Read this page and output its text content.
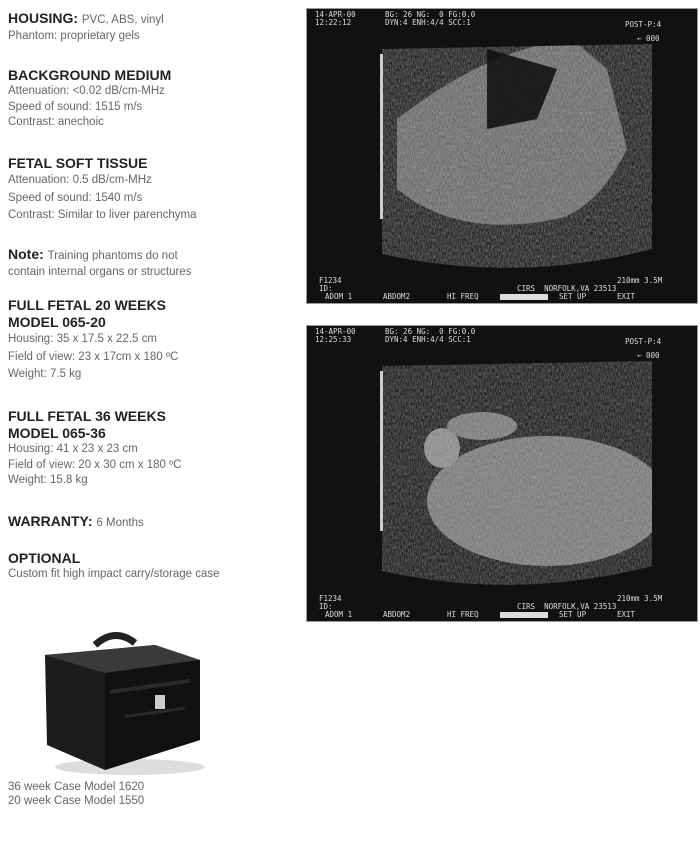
HOUSING: PVC, ABS, vinyl
Phantom: proprietary gels
BACKGROUND MEDIUM
Attenuation: <0.02 dB/cm-MHz
Speed of sound: 1515 m/s
Contrast: anechoic
FETAL SOFT TISSUE
Attenuation: 0.5 dB/cm-MHz
Speed of sound: 1540 m/s
Contrast: Similar to liver parenchyma
Note: Training phantoms do not
contain internal organs or structures
FULL FETAL 20 WEEKS
MODEL 065-20
Housing: 35 x 17.5 x 22.5 cm
Field of view: 23 x 17cm x 180 ºC
Weight: 7.5 kg
FULL FETAL 36 WEEKS
MODEL 065-36
Housing: 41 x 23 x 23 cm
Field of view: 20 x 30 cm x 180 ºC
Weight: 15.8 kg
WARRANTY: 6 Months
OPTIONAL
Custom fit high impact carry/storage case
36 week Case Model 1620
20 week Case Model 1550
14-APR-00
12:22:12
BG: 26 NG:  0 FG:0.0
DYN:4 ENH:4/4 SCC:1	POST-P:4
← 000
F1234
ID:
210mm 3.5M
CIRS  NORFOLK,VA 23513
ADOM 1	ABDOM2	HI FREQ	SET UP	EXIT
14-APR-00
12:25:33
BG: 26 NG:  0 FG:0.0
DYN:4 ENH:4/4 SCC:1	POST-P:4
← 000
F1234
ID:
210mm 3.5M
CIRS  NORFOLK,VA 23513
ADOM 1	ABDOM2	HI FREQ	SET UP	EXIT
